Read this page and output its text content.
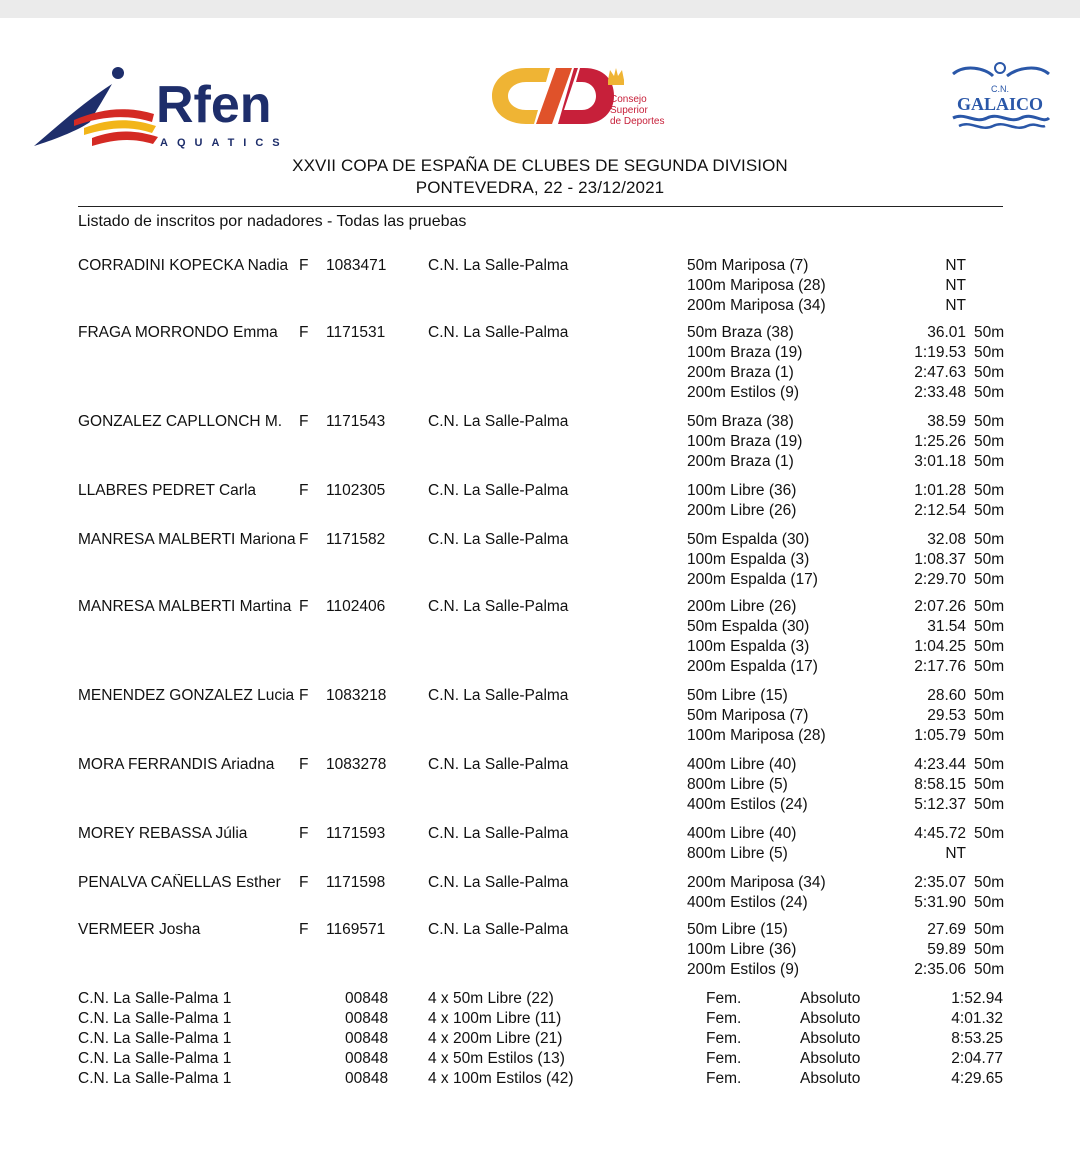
Rfen
AQUATICS
Consejo
Superior
de Deportes
C.N.
GALAICO
XXVII COPA DE ESPAÑA DE CLUBES DE SEGUNDA DIVISION
PONTEVEDRA, 22 - 23/12/2021
Listado de inscritos por nadadores - Todas las pruebas
CORRADINI KOPECKA Nadia F 1083471	C.N. La Salle-Palma	50m Mariposa (7)	NT
100m Mariposa (28)	NT
200m Mariposa (34)	NT
FRAGA MORRONDO Emma	F 1171531	C.N. La Salle-Palma	50m Braza (38)	36.01 50m
100m Braza (19)	1:19.53 50m
200m Braza (1)	2:47.63 50m
200m Estilos (9)	2:33.48 50m
GONZALEZ CAPLLONCH M.	F 1171543	C.N. La Salle-Palma	50m Braza (38)	38.59 50m
100m Braza (19)	1:25.26 50m
200m Braza (1)	3:01.18 50m
LLABRES PEDRET Carla	F 1102305	C.N. La Salle-Palma	100m Libre (36)	1:01.28 50m
200m Libre (26)	2:12.54 50m
MANRESA MALBERTI Mariona F 1171582	C.N. La Salle-Palma	50m Espalda (30)	32.08 50m
100m Espalda (3)	1:08.37 50m
200m Espalda (17)	2:29.70 50m
MANRESA MALBERTI Martina F 1102406	C.N. La Salle-Palma	200m Libre (26)	2:07.26 50m
50m Espalda (30)	31.54 50m
100m Espalda (3)	1:04.25 50m
200m Espalda (17)	2:17.76 50m
MENENDEZ GONZALEZ Lucia F 1083218	C.N. La Salle-Palma	50m Libre (15)	28.60 50m
50m Mariposa (7)	29.53 50m
100m Mariposa (28)	1:05.79 50m
MORA FERRANDIS Ariadna	F 1083278	C.N. La Salle-Palma	400m Libre (40)	4:23.44 50m
800m Libre (5)	8:58.15 50m
400m Estilos (24)	5:12.37 50m
MOREY REBASSA Júlia	F 1171593	C.N. La Salle-Palma	400m Libre (40)	4:45.72 50m
800m Libre (5)	NT
PENALVA CAÑELLAS Esther	F 1171598	C.N. La Salle-Palma	200m Mariposa (34)	2:35.07 50m
400m Estilos (24)	5:31.90 50m
VERMEER Josha	F 1169571	C.N. La Salle-Palma	50m Libre (15)	27.69 50m
100m Libre (36)	59.89 50m
200m Estilos (9)	2:35.06 50m
C.N. La Salle-Palma 1	00848	4 x 50m Libre (22)	Fem.	Absoluto	1:52.94
C.N. La Salle-Palma 1	00848	4 x 100m Libre (11)	Fem.	Absoluto	4:01.32
C.N. La Salle-Palma 1	00848	4 x 200m Libre (21)	Fem.	Absoluto	8:53.25
C.N. La Salle-Palma 1	00848	4 x 50m Estilos (13)	Fem.	Absoluto	2:04.77
C.N. La Salle-Palma 1	00848	4 x 100m Estilos (42)	Fem.	Absoluto	4:29.65
